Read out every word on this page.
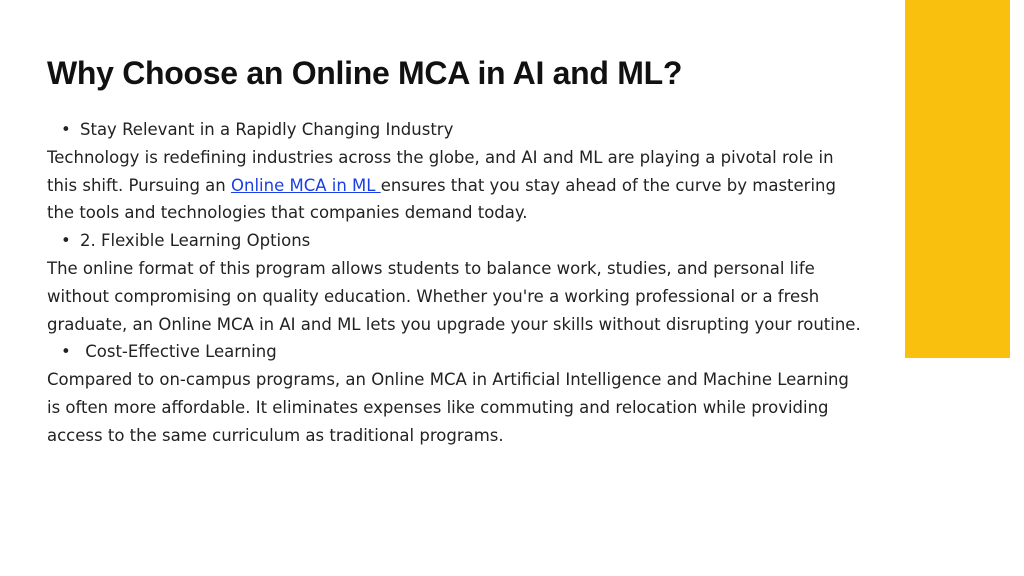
Why Choose an Online MCA in AI and ML?
• Stay Relevant in a Rapidly Changing Industry

Technology is redefining industries across the globe, and AI and ML are playing a pivotal role in this shift. Pursuing an Online MCA in ML ensures that you stay ahead of the curve by mastering the tools and technologies that companies demand today.

• 2. Flexible Learning Options

The online format of this program allows students to balance work, studies, and personal life without compromising on quality education. Whether you're a working professional or a fresh graduate, an Online MCA in AI and ML lets you upgrade your skills without disrupting your routine.

• Cost-Effective Learning

Compared to on-campus programs, an Online MCA in Artificial Intelligence and Machine Learning is often more affordable. It eliminates expenses like commuting and relocation while providing access to the same curriculum as traditional programs.
